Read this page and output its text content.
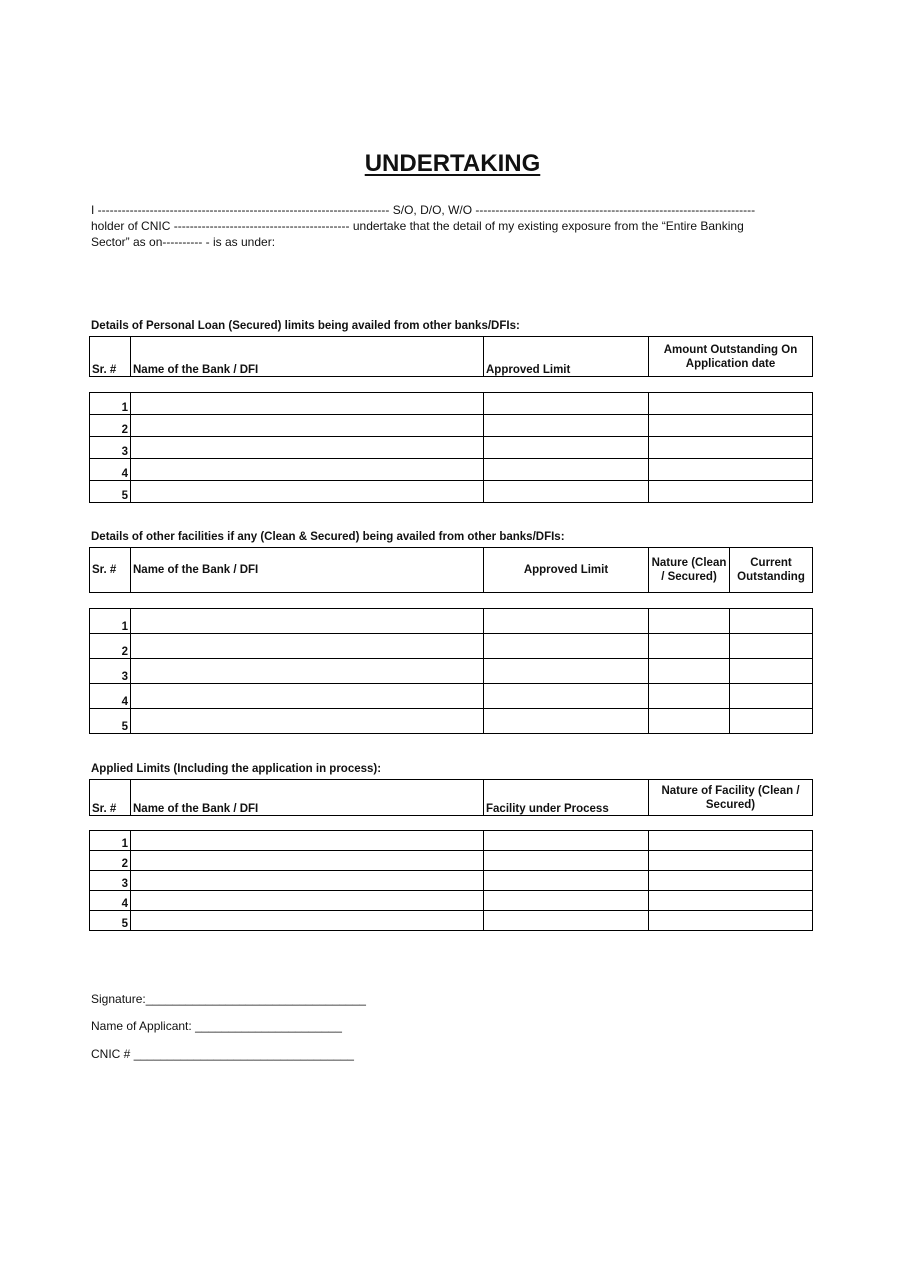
UNDERTAKING
I ------------------------------------------------------------------------- S/O, D/O, W/O ----------------------------------------------------------------------
holder of CNIC -------------------------------------------- undertake that the detail of my existing exposure from the “Entire Banking
Sector” as on---------- - is as under:
Details of Personal Loan (Secured) limits being availed from other banks/DFIs:
Sr. #	Name of the Bank / DFI	Approved Limit	Amount Outstanding On Application date
1			
2			
3			
4			
5			
Details of other facilities if any (Clean & Secured) being availed from other banks/DFIs:
Sr. #	Name of the Bank / DFI	Approved Limit	Nature (Clean / Secured)	Current Outstanding
1				
2				
3				
4				
5				
Applied Limits (Including the application in process):
Sr. #	Name of the Bank / DFI	Facility under Process	Nature of Facility (Clean / Secured)
1			
2			
3			
4			
5			
Signature:_________________________________
Name of Applicant: ______________________
CNIC # _________________________________
